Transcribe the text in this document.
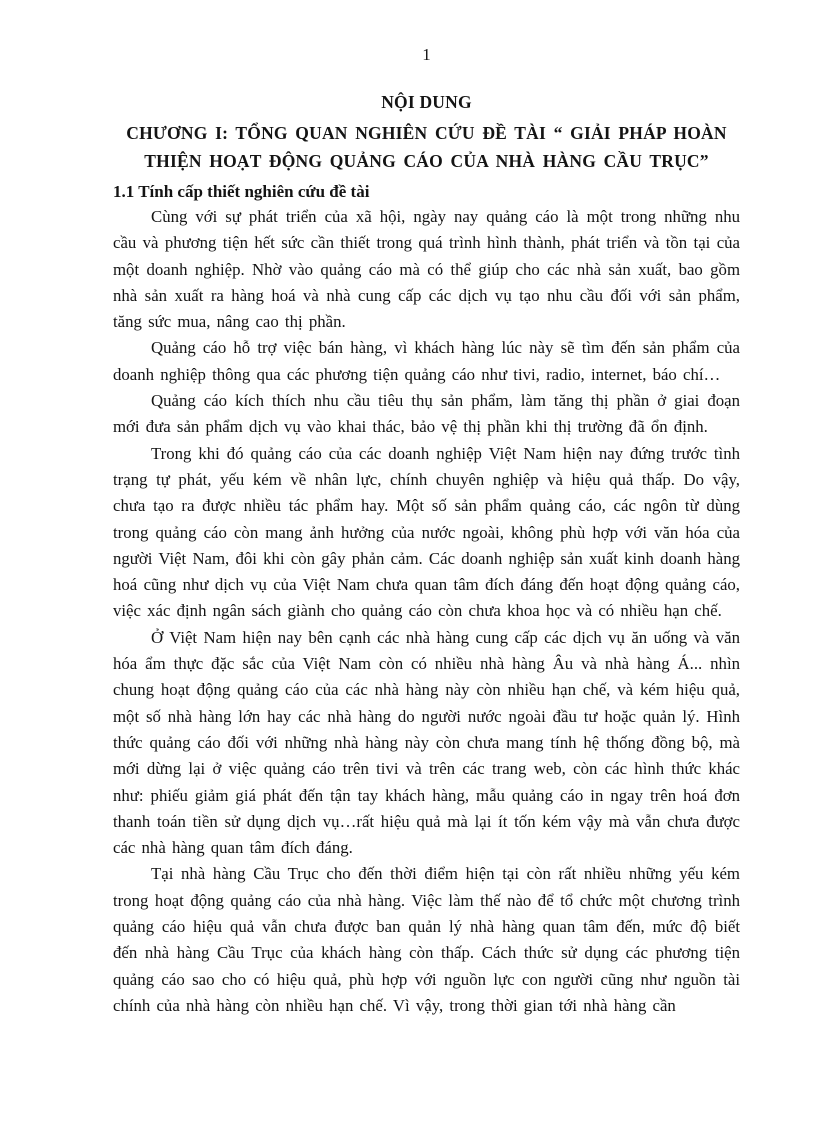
1
NỘI DUNG
CHƯƠNG I: TỔNG QUAN NGHIÊN CỨU ĐỀ TÀI “ GIẢI PHÁP HOÀN THIỆN HOẠT ĐỘNG QUẢNG CÁO CỦA NHÀ HÀNG CẦU TRỤC”
1.1 Tính cấp thiết nghiên cứu đề tài

Cùng với sự phát triển của xã hội, ngày nay quảng cáo là một trong những nhu cầu và phương tiện hết sức cần thiết trong quá trình hình thành, phát triển và tồn tại của một doanh nghiệp. Nhờ vào quảng cáo mà có thể giúp cho các nhà sản xuất, bao gồm nhà sản xuất ra hàng hoá và nhà cung cấp các dịch vụ tạo nhu cầu đối với sản phẩm, tăng sức mua, nâng cao thị phần.

Quảng cáo hỗ trợ việc bán hàng, vì khách hàng lúc này sẽ tìm đến sản phẩm của doanh nghiệp thông qua các phương tiện quảng cáo như tivi, radio, internet, báo chí…

Quảng cáo kích thích nhu cầu tiêu thụ sản phẩm, làm tăng thị phần ở giai đoạn mới đưa sản phẩm dịch vụ vào khai thác, bảo vệ thị phần khi thị trường đã ổn định.

Trong khi đó quảng cáo của các doanh nghiệp Việt Nam hiện nay đứng trước tình trạng tự phát, yếu kém về nhân lực, chính chuyên nghiệp và hiệu quả thấp. Do vậy, chưa tạo ra được nhiều tác phẩm hay. Một số sản phẩm quảng cáo, các ngôn từ dùng trong quảng cáo còn mang ảnh hưởng của nước ngoài, không phù hợp với văn hóa của người Việt Nam, đôi khi còn gây phản cảm. Các doanh nghiệp sản xuất kinh doanh hàng hoá cũng như dịch vụ của Việt Nam chưa quan tâm đích đáng đến hoạt động quảng cáo, việc xác định ngân sách giành cho quảng cáo còn chưa khoa học và có nhiều hạn chế.

Ở Việt Nam hiện nay bên cạnh các nhà hàng cung cấp các dịch vụ ăn uống và văn hóa ẩm thực đặc sắc của Việt Nam còn có nhiều nhà hàng Âu và nhà hàng Á... nhìn chung hoạt động quảng cáo của các nhà hàng này còn nhiều hạn chế, và kém hiệu quả, một số nhà hàng lớn hay các nhà hàng do người nước ngoài đầu tư hoặc quản lý. Hình thức quảng cáo đối với những nhà hàng này còn chưa mang tính hệ thống đồng bộ, mà mới dừng lại ở việc quảng cáo trên tivi và trên các trang web, còn các hình thức khác như: phiếu giảm giá phát đến tận tay khách hàng, mẫu quảng cáo in ngay trên hoá đơn thanh toán tiền sử dụng dịch vụ…rất hiệu quả mà lại ít tốn kém vậy mà vẫn chưa được các nhà hàng quan tâm đích đáng.

Tại nhà hàng Cầu Trục cho đến thời điểm hiện tại còn rất nhiều những yếu kém trong hoạt động quảng cáo của nhà hàng. Việc làm thế nào để tổ chức một chương trình quảng cáo hiệu quả vẫn chưa được ban quản lý nhà hàng quan tâm đến, mức độ biết đến nhà hàng Cầu Trục của khách hàng còn thấp. Cách thức sử dụng các phương tiện quảng cáo sao cho có hiệu quả, phù hợp với nguồn lực con người cũng như nguồn tài chính của nhà hàng còn nhiều hạn chế. Vì vậy, trong thời gian tới nhà hàng cần
